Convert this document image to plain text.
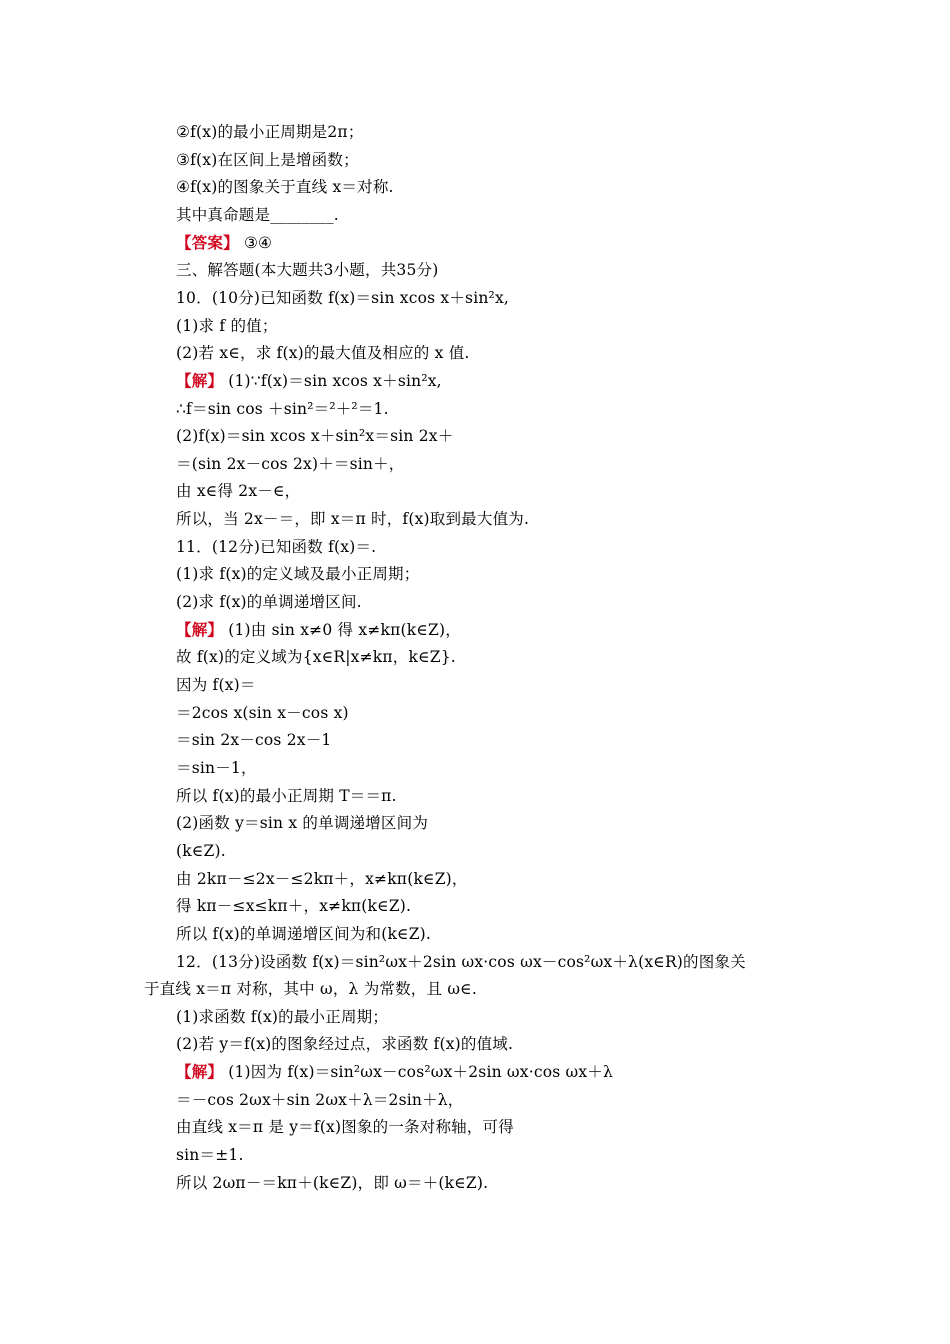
②f(x)的最小正周期是2π；
③f(x)在区间上是增函数；
④f(x)的图象关于直线 x＝对称.
其中真命题是________.
【答案】 ③④
三、解答题(本大题共3小题，共35分)
10．(10分)已知函数 f(x)＝sin xcos x＋sin²x,
(1)求 f 的值；
(2)若 x∈，求 f(x)的最大值及相应的 x 值.
【解】 (1)∵f(x)＝sin xcos x＋sin²x,
∴f＝sin cos ＋sin²＝²＋²＝1.
(2)f(x)＝sin xcos x＋sin²x＝sin 2x＋
＝(sin 2x－cos 2x)＋＝sin＋，
由 x∈得 2x－∈，
所以，当 2x－＝，即 x＝π 时，f(x)取到最大值为.
11．(12分)已知函数 f(x)＝.
(1)求 f(x)的定义域及最小正周期；
(2)求 f(x)的单调递增区间.
【解】 (1)由 sin x≠0 得 x≠kπ(k∈Z)，
故 f(x)的定义域为{x∈R|x≠kπ，k∈Z}.
因为 f(x)＝
＝2cos x(sin x－cos x)
＝sin 2x－cos 2x－1
＝sin－1，
所以 f(x)的最小正周期 T＝＝π.
(2)函数 y＝sin x 的单调递增区间为
(k∈Z).
由 2kπ－≤2x－≤2kπ＋，x≠kπ(k∈Z)，
得 kπ－≤x≤kπ＋，x≠kπ(k∈Z).
所以 f(x)的单调递增区间为和(k∈Z).
12．(13分)设函数 f(x)＝sin²ωx＋2sin ωx·cos ωx－cos²ωx＋λ(x∈R)的图象关
于直线 x＝π 对称，其中 ω，λ 为常数，且 ω∈.
(1)求函数 f(x)的最小正周期；
(2)若 y＝f(x)的图象经过点，求函数 f(x)的值域.
【解】 (1)因为 f(x)＝sin²ωx－cos²ωx＋2sin ωx·cos ωx＋λ
＝－cos 2ωx＋sin 2ωx＋λ＝2sin＋λ，
由直线 x＝π 是 y＝f(x)图象的一条对称轴，可得
sin＝±1.
所以 2ωπ－＝kπ＋(k∈Z)，即 ω＝＋(k∈Z).
